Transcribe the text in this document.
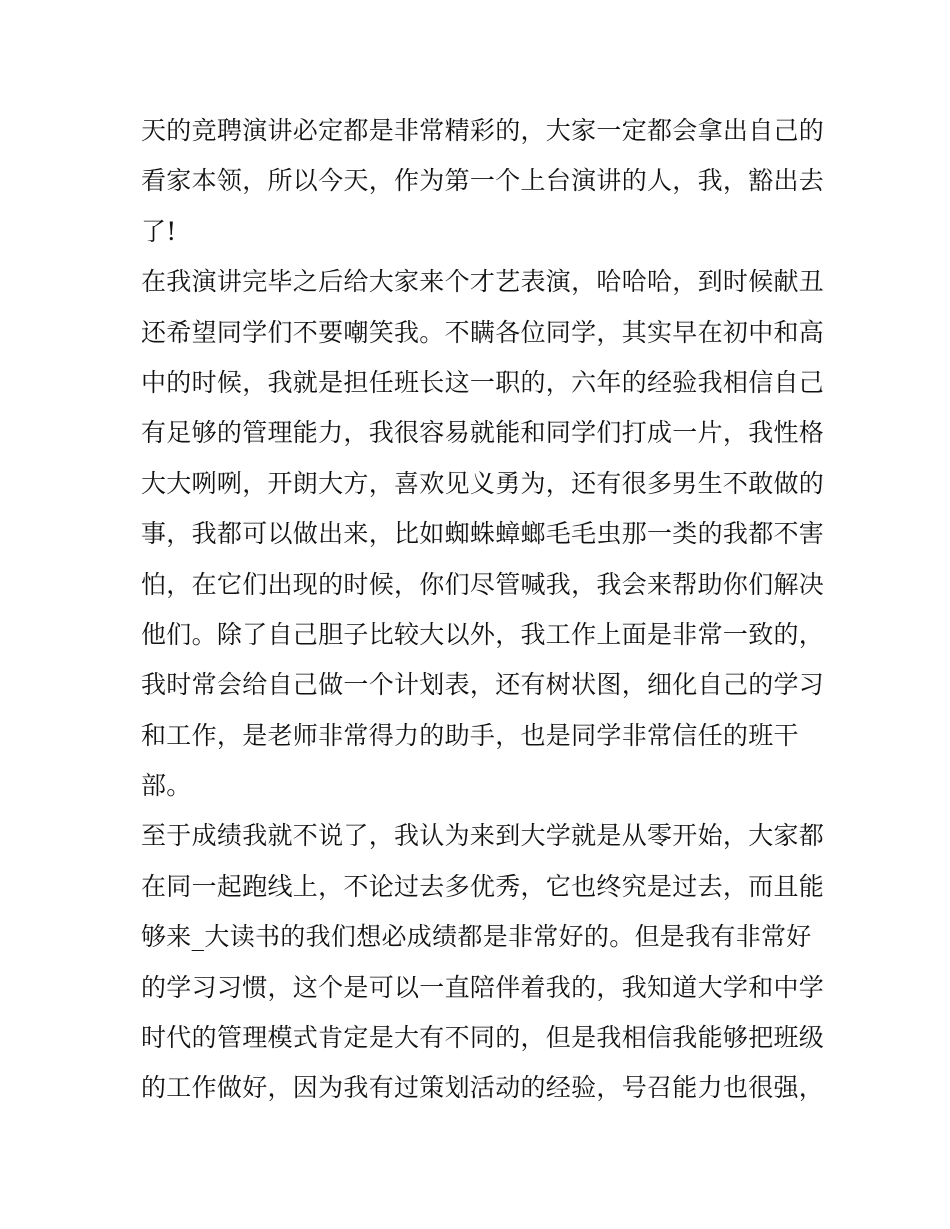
天的竞聘演讲必定都是非常精彩的，大家一定都会拿出自己的
看家本领，所以今天，作为第一个上台演讲的人，我，豁出去
了!
在我演讲完毕之后给大家来个才艺表演，哈哈哈，到时候献丑
还希望同学们不要嘲笑我。不瞒各位同学，其实早在初中和高
中的时候，我就是担任班长这一职的，六年的经验我相信自己
有足够的管理能力，我很容易就能和同学们打成一片，我性格
大大咧咧，开朗大方，喜欢见义勇为，还有很多男生不敢做的
事，我都可以做出来，比如蜘蛛蟑螂毛毛虫那一类的我都不害
怕，在它们出现的时候，你们尽管喊我，我会来帮助你们解决
他们。除了自己胆子比较大以外，我工作上面是非常一致的，
我时常会给自己做一个计划表，还有树状图，细化自己的学习
和工作，是老师非常得力的助手，也是同学非常信任的班干
部。
至于成绩我就不说了，我认为来到大学就是从零开始，大家都
在同一起跑线上，不论过去多优秀，它也终究是过去，而且能
够来_大读书的我们想必成绩都是非常好的。但是我有非常好
的学习习惯，这个是可以一直陪伴着我的，我知道大学和中学
时代的管理模式肯定是大有不同的，但是我相信我能够把班级
的工作做好，因为我有过策划活动的经验，号召能力也很强，
